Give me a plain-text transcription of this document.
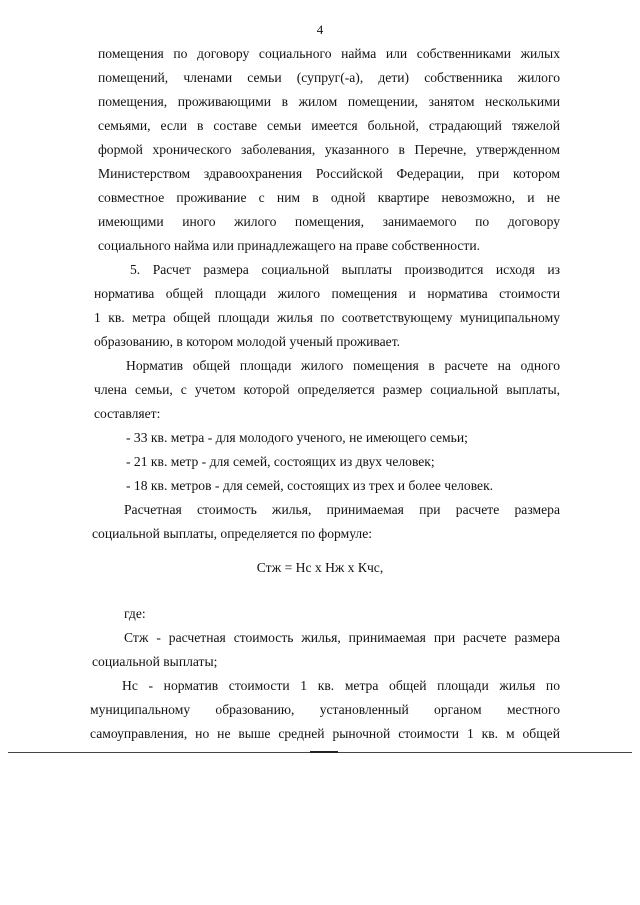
4
помещения по договору социального найма или собственниками жилых
помещений, членами семьи (супруг(-а), дети) собственника жилого
помещения, проживающими в жилом помещении, занятом несколькими
семьями, если в составе семьи имеется больной, страдающий тяжелой
формой хронического заболевания, указанного в Перечне, утвержденном
Министерством здравоохранения Российской Федерации, при котором
совместное проживание с ним в одной квартире невозможно, и не
имеющими иного жилого помещения, занимаемого по договору
социального найма или принадлежащего на праве собственности.
5. Расчет размера социальной выплаты производится исходя из
норматива общей площади жилого помещения и норматива стоимости
1 кв. метра общей площади жилья по соответствующему муниципальному
образованию, в котором молодой ученый проживает.
Норматив общей площади жилого помещения в расчете на одного
члена семьи, с учетом которой определяется размер социальной выплаты,
составляет:
- 33 кв. метра - для молодого ученого, не имеющего семьи;
- 21 кв. метр - для семей, состоящих из двух человек;
- 18 кв. метров - для семей, состоящих из трех и более человек.
Расчетная стоимость жилья, принимаемая при расчете размера
социальной выплаты, определяется по формуле:
Стж = Нс х Нж х Кчс,
где:
Стж - расчетная стоимость жилья, принимаемая при расчете размера
социальной выплаты;
Нс - норматив стоимости 1 кв. метра общей площади жилья по
муниципальному образованию, установленный органом местного
самоуправления, но не выше средней рыночной стоимости 1 кв. м общей
